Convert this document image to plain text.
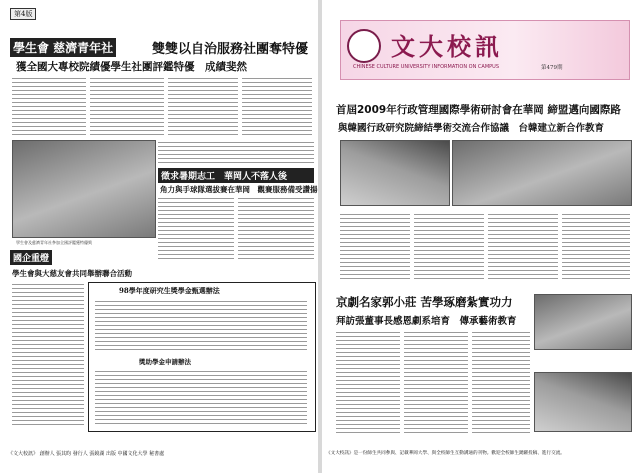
第4版
學生會 慈濟青年社	雙雙以自治服務社團奪特優
獲全國大專校院績優學生社團評鑑特優　成績斐然
學生會及慈濟青年社參加全國評鑑獲特優獎
徵求暑期志工　華岡人不落人後
角力與手球隊選拔賽在華岡　觀賽服務備受讚揚
國企重燈
學生會與大慈友會共同舉辦聯合活動
98學年度研究生獎學金甄選辦法
獎助學金申請辦法
《文大校訊》 創辦人 張其昀 發行人 張鏡湖 出版 中國文化大學 秘書處
文大校訊
CHINESE CULTURE UNIVERSITY INFORMATION ON CAMPUS	第479期
首屆2009年行政管理國際學術研討會在華岡 締盟邁向國際路
與韓國行政研究院締結學術交流合作協議　台韓建立新合作教育
京劇名家郭小莊 苦學琢磨紮實功力
拜訪張董事長感恩劇系培育　傳承藝術教育
《文大校訊》是一份師生共同參與、記載華岡大學、與全校師生互動溝通的刊物。歡迎全校師生踴躍投稿、進行交流。
